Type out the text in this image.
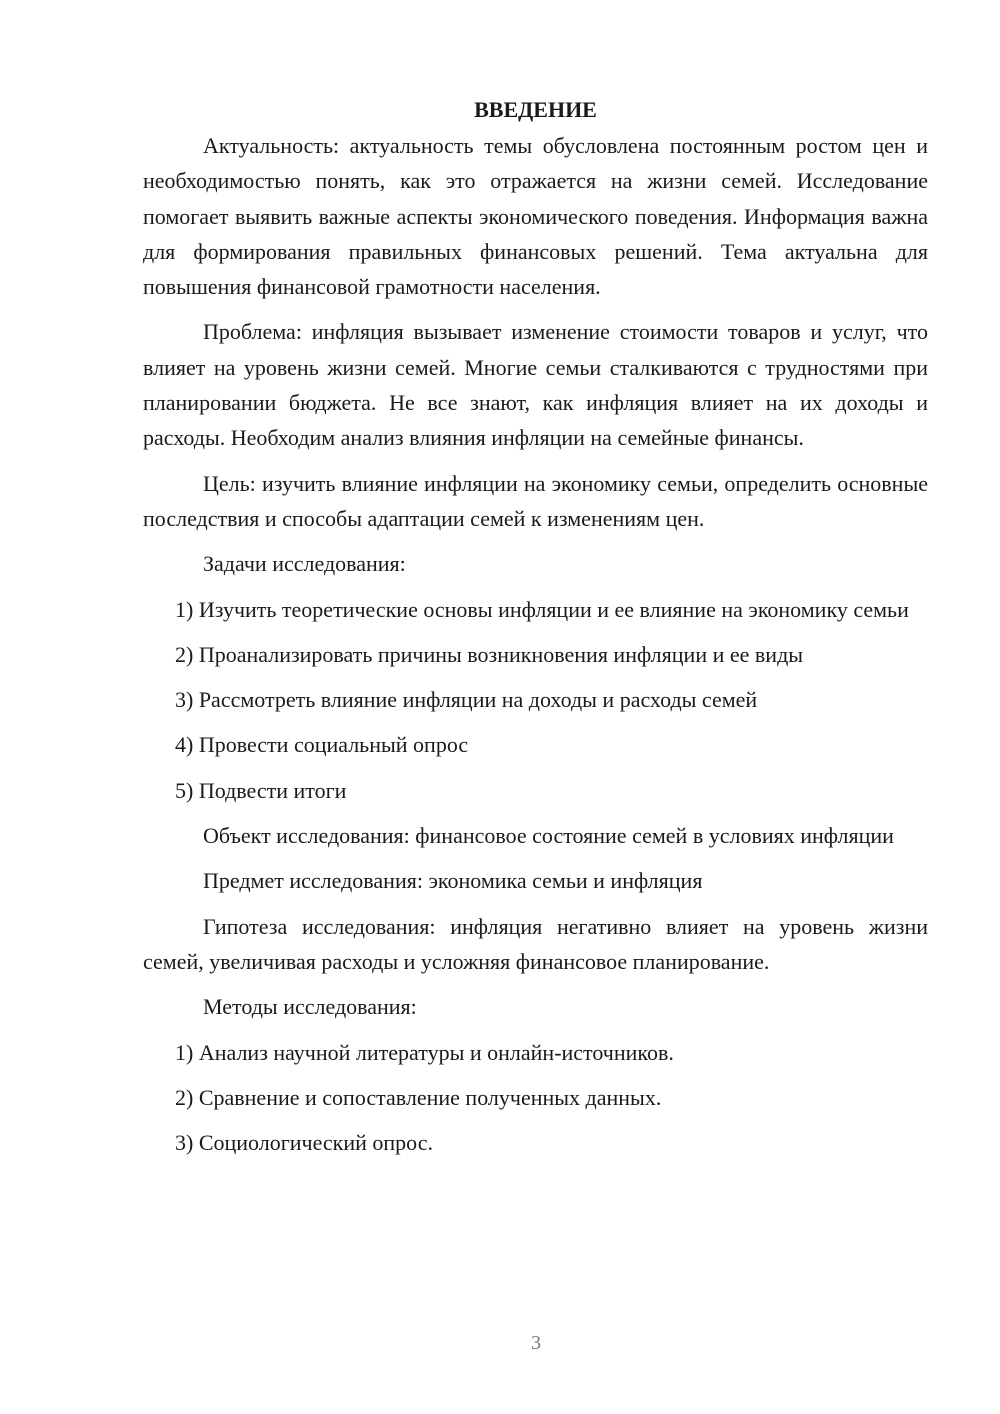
ВВЕДЕНИЕ

Актуальность: актуальность темы обусловлена постоянным ростом цен и необходимостью понять, как это отражается на жизни семей. Исследование помогает выявить важные аспекты экономического поведения. Информация важна для формирования правильных финансовых решений. Тема актуальна для повышения финансовой грамотности населения.

Проблема: инфляция вызывает изменение стоимости товаров и услуг, что влияет на уровень жизни семей. Многие семьи сталкиваются с трудностями при планировании бюджета. Не все знают, как инфляция влияет на их доходы и расходы. Необходим анализ влияния инфляции на семейные финансы.

Цель: изучить влияние инфляции на экономику семьи, определить основные последствия и способы адаптации семей к изменениям цен.

Задачи исследования:

1) Изучить теоретические основы инфляции и ее влияние на экономику семьи

2) Проанализировать причины возникновения инфляции и ее виды

3) Рассмотреть влияние инфляции на доходы и расходы семей

4) Провести социальный опрос

5) Подвести итоги

Объект исследования: финансовое состояние семей в условиях инфляции

Предмет исследования: экономика семьи и инфляция

Гипотеза исследования: инфляция негативно влияет на уровень жизни семей, увеличивая расходы и усложняя финансовое планирование.

Методы исследования:

1) Анализ научной литературы и онлайн-источников.

2) Сравнение и сопоставление полученных данных.

3) Социологический опрос.

3
